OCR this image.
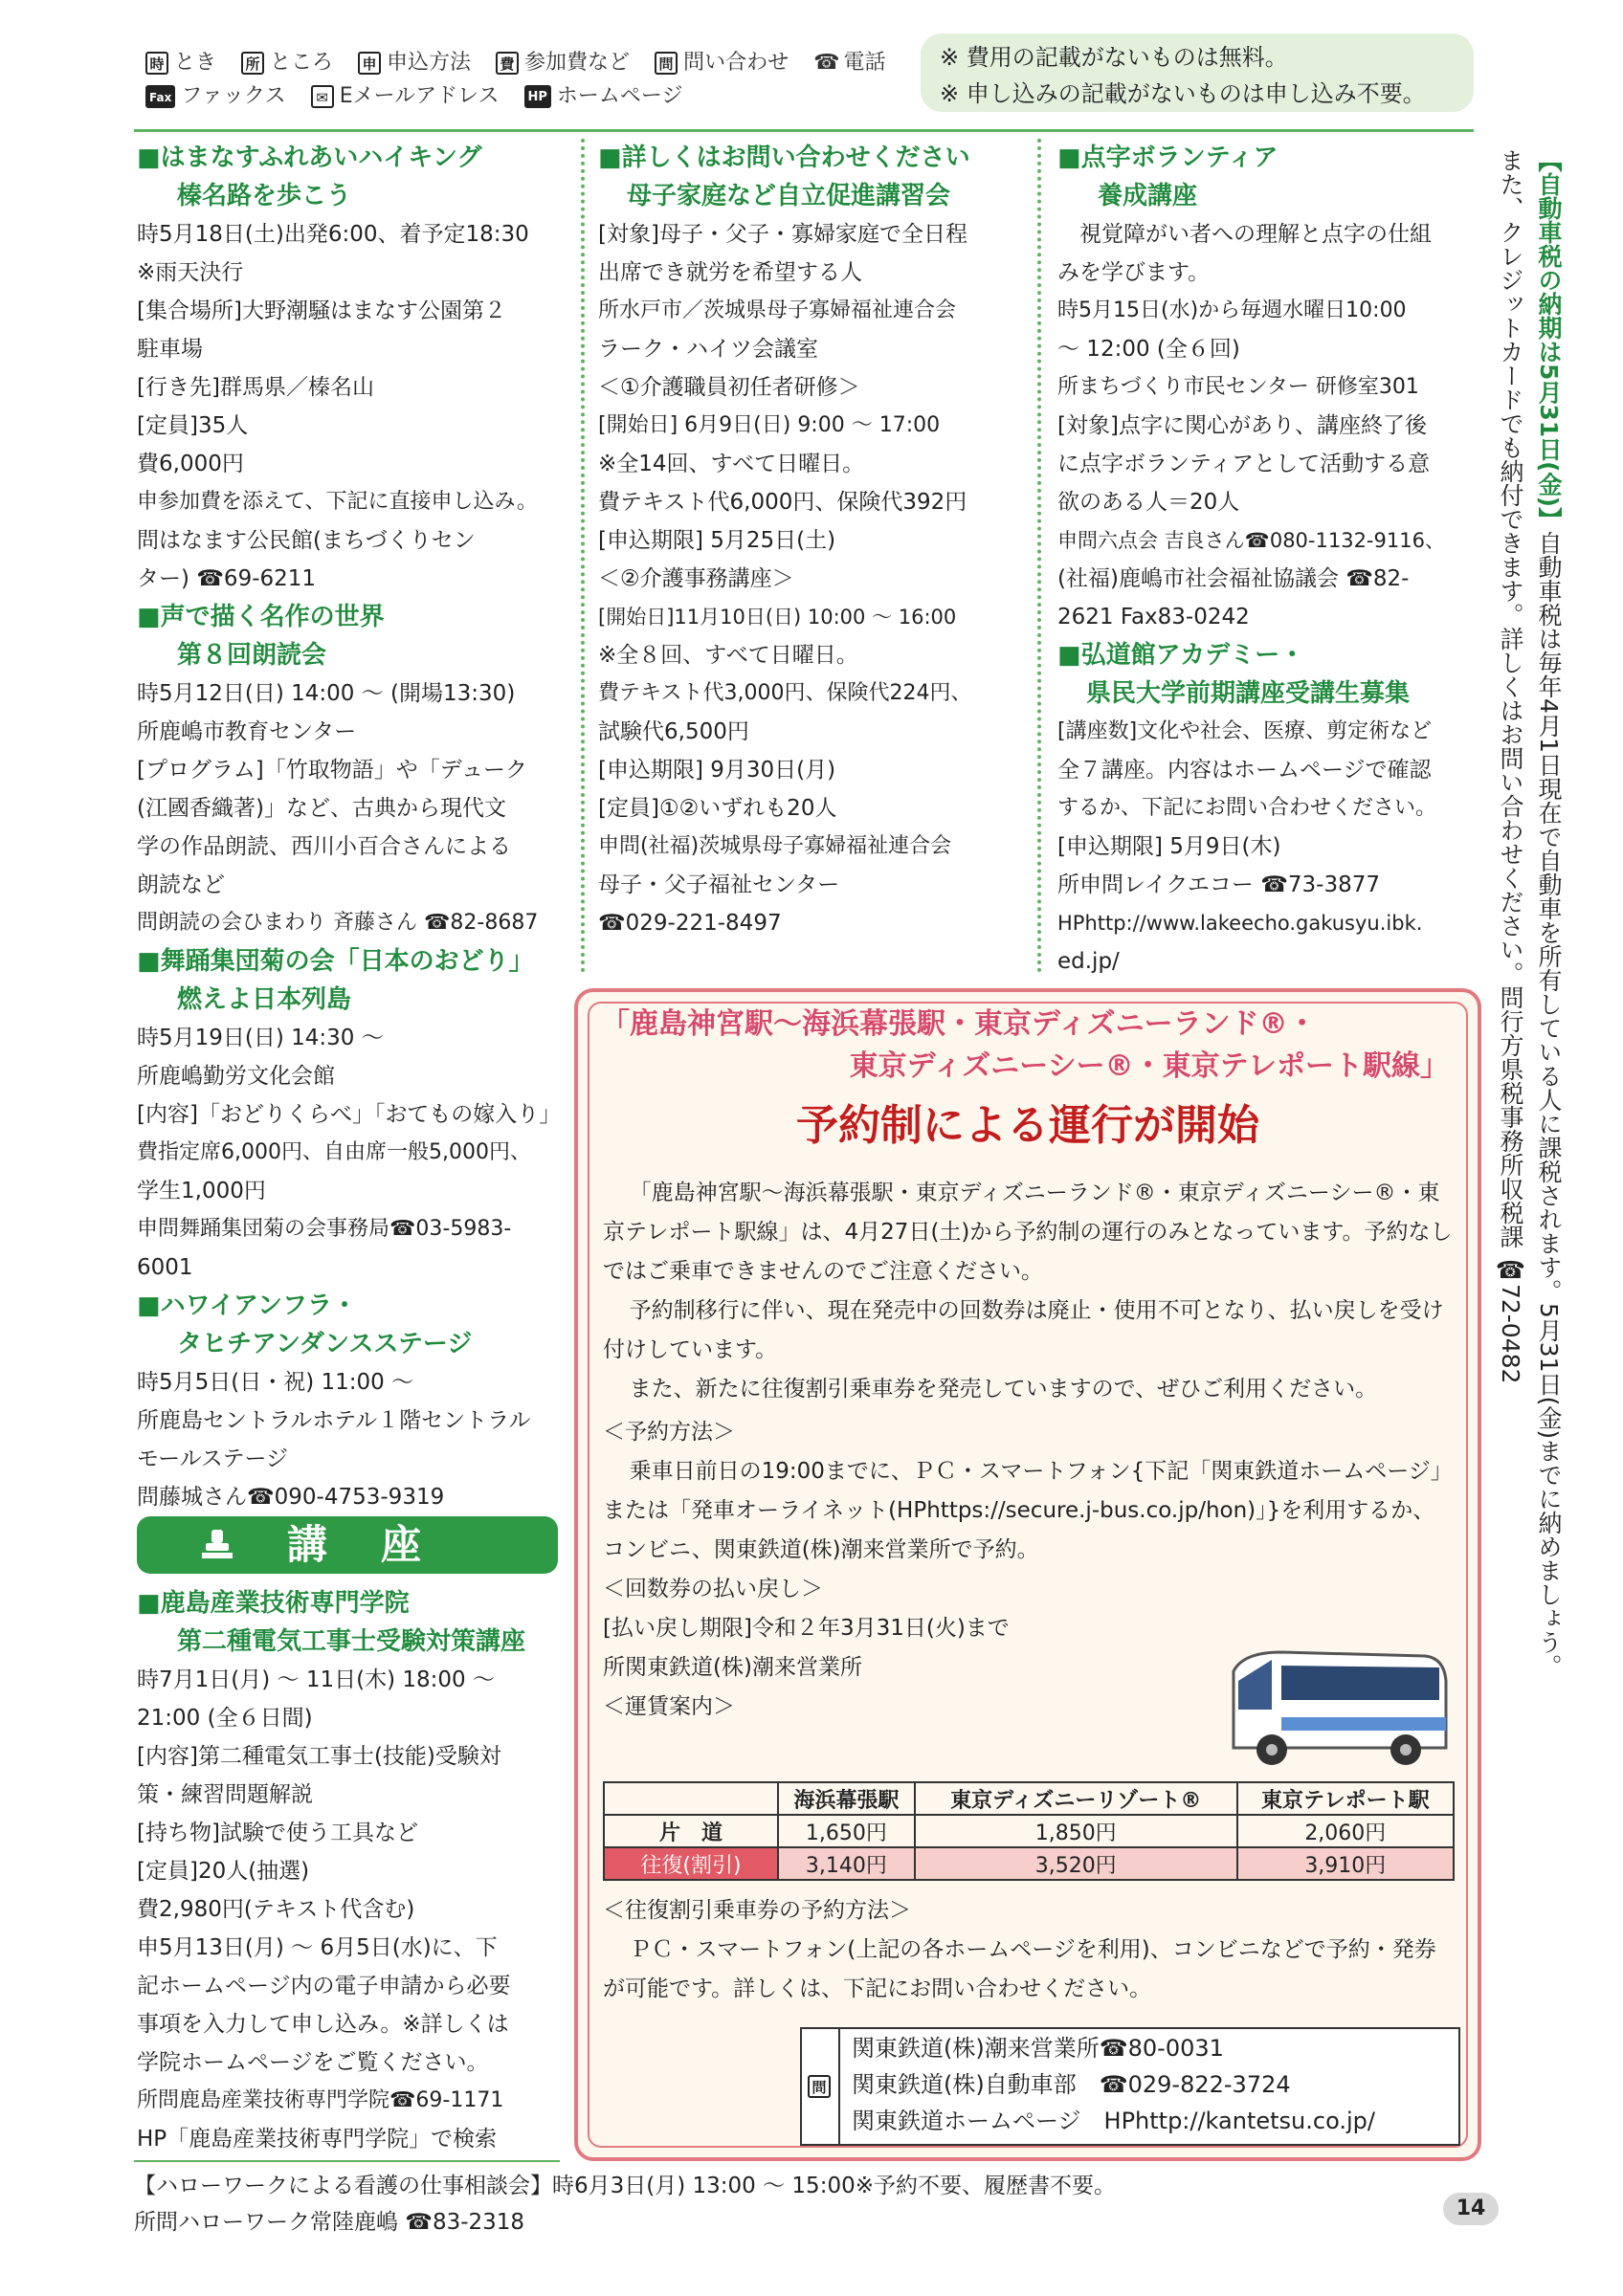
時 とき 所 ところ 申 申込方法 費 参加費など 問 問い合わせ ☎ 電話
Fax ファックス	✉ Eメールアドレス	HP ホームページ
※ 費用の記載がないものは無料。
※ 申し込みの記載がないものは申し込み不要。
■はまなすふれあいハイキング
榛名路を歩こう

時5月18日(土)出発6:00、着予定18:30

※雨天決行

[集合場所]大野潮騒はまなす公園第２

駐車場

[行き先]群馬県／榛名山

[定員]35人

費6,000円

申参加費を添えて、下記に直接申し込み。

問はなます公民館(まちづくりセン

ター) ☎69-6211

■声で描く名作の世界
第８回朗読会

時5月12日(日) 14:00 ～ (開場13:30)

所鹿嶋市教育センター

[プログラム]「竹取物語」や「デューク

(江國香織著)」など、古典から現代文

学の作品朗読、西川小百合さんによる

朗読など

問朗読の会ひまわり 斉藤さん ☎82-8687

■舞踊集団菊の会「日本のおどり」
燃えよ日本列島

時5月19日(日) 14:30 ～

所鹿嶋勤労文化会館

[内容]「おどりくらべ」「おてもの嫁入り」

費指定席6,000円、自由席一般5,000円、

学生1,000円

申問舞踊集団菊の会事務局☎03-5983-

6001

■ハワイアンフラ・
タヒチアンダンスステージ

時5月5日(日・祝) 11:00 ～

所鹿島セントラルホテル１階セントラル

モールステージ

問藤城さん☎090-4753-9319

講座
■鹿島産業技術専門学院
第二種電気工事士受験対策講座

時7月1日(月) ～ 11日(木) 18:00 ～

21:00 (全６日間)

[内容]第二種電気工事士(技能)受験対

策・練習問題解説

[持ち物]試験で使う工具など

[定員]20人(抽選)

費2,980円(テキスト代含む)

申5月13日(月) ～ 6月5日(水)に、下

記ホームページ内の電子申請から必要

事項を入力して申し込み。※詳しくは

学院ホームページをご覧ください。

所問鹿島産業技術専門学院☎69-1171

HP「鹿島産業技術専門学院」で検索

■詳しくはお問い合わせください
母子家庭など自立促進講習会

[対象]母子・父子・寡婦家庭で全日程

出席でき就労を希望する人

所水戸市／茨城県母子寡婦福祉連合会

ラーク・ハイツ会議室

＜①介護職員初任者研修＞

[開始日] 6月9日(日) 9:00 ～ 17:00

※全14回、すべて日曜日。

費テキスト代6,000円、保険代392円

[申込期限] 5月25日(土)

＜②介護事務講座＞

[開始日]11月10日(日) 10:00 ～ 16:00

※全８回、すべて日曜日。

費テキスト代3,000円、保険代224円、

試験代6,500円

[申込期限] 9月30日(月)

[定員]①②いずれも20人

申問(社福)茨城県母子寡婦福祉連合会

母子・父子福祉センター

☎029-221-8497

■点字ボランティア
養成講座

　視覚障がい者への理解と点字の仕組

みを学びます。

時5月15日(水)から毎週水曜日10:00

～ 12:00 (全６回)

所まちづくり市民センター 研修室301

[対象]点字に関心があり、講座終了後

に点字ボランティアとして活動する意

欲のある人＝20人

申問六点会 吉良さん☎080-1132-9116、

(社福)鹿嶋市社会福祉協議会 ☎82-

2621 Fax83-0242

■弘道館アカデミー・
県民大学前期講座受講生募集

[講座数]文化や社会、医療、剪定術など

全７講座。内容はホームページで確認

するか、下記にお問い合わせください。

[申込期限] 5月9日(木)

所申問レイクエコー ☎73-3877

HPhttp://www.lakeecho.gakusyu.ibk.

ed.jp/

【自動車税の納期は5月31日(金)】自動車税は毎年4月1日現在で自動車を所有している人に課税されます。5月31日(金)までに納めましょう。
また、クレジットカードでも納付できます。詳しくはお問い合わせください。問行方県税事務所収税課 ☎72-0482
「鹿島神宮駅～海浜幕張駅・東京ディズニーランド®・
東京ディズニーシー®・東京テレポート駅線」
予約制による運行が開始

「鹿島神宮駅～海浜幕張駅・東京ディズニーランド®・東京ディズニーシー®・東京テレポート駅線」は、4月27日(土)から予約制の運行のみとなっています。予約なしではご乗車できませんのでご注意ください。

予約制移行に伴い、現在発売中の回数券は廃止・使用不可となり、払い戻しを受け付けしています。

また、新たに往復割引乗車券を発売していますので、ぜひご利用ください。

＜予約方法＞

乗車日前日の19:00までに、ＰＣ・スマートフォン{下記「関東鉄道ホームページ」または「発車オーライネット(HPhttps://secure.j-bus.co.jp/hon)」}を利用するか、コンビニ、関東鉄道(株)潮来営業所で予約。

＜回数券の払い戻し＞

[払い戻し期限]令和２年3月31日(火)まで

所関東鉄道(株)潮来営業所

＜運賃案内＞

	海浜幕張駅	東京ディズニーリゾート®	東京テレポート駅
片　道	1,650円	1,850円	2,060円
往復(割引)	3,140円	3,520円	3,910円

＜往復割引乗車券の予約方法＞

ＰＣ・スマートフォン(上記の各ホームページを利用)、コンビニなどで予約・発券が可能です。詳しくは、下記にお問い合わせください。

問
関東鉄道(株)潮来営業所☎80-0031
関東鉄道(株)自動車部　☎029-822-3724
関東鉄道ホームページ　HPhttp://kantetsu.co.jp/
【ハローワークによる看護の仕事相談会】時6月3日(月) 13:00 ～ 15:00※予約不要、履歴書不要。
所問ハローワーク常陸鹿嶋 ☎83-2318
14
